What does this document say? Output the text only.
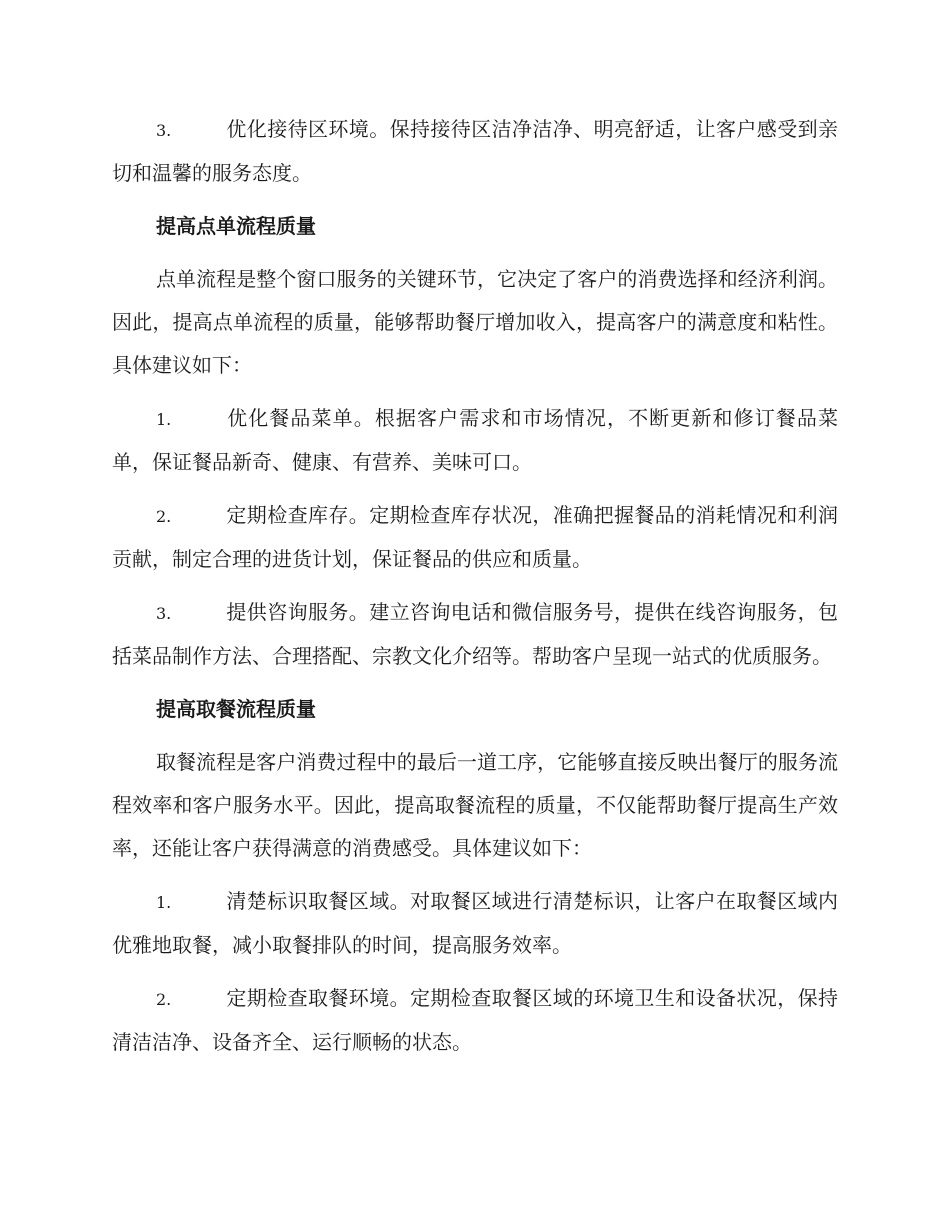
3.	优化接待区环境。保持接待区洁净洁净、明亮舒适，让客户感受到亲切和温馨的服务态度。

提高点单流程质量

点单流程是整个窗口服务的关键环节，它决定了客户的消费选择和经济利润。因此，提高点单流程的质量，能够帮助餐厅增加收入，提高客户的满意度和粘性。具体建议如下：

1.	优化餐品菜单。根据客户需求和市场情况，不断更新和修订餐品菜单，保证餐品新奇、健康、有营养、美味可口。

2.	定期检查库存。定期检查库存状况，准确把握餐品的消耗情况和利润贡献，制定合理的进货计划，保证餐品的供应和质量。

3.	提供咨询服务。建立咨询电话和微信服务号，提供在线咨询服务，包括菜品制作方法、合理搭配、宗教文化介绍等。帮助客户呈现一站式的优质服务。

提高取餐流程质量

取餐流程是客户消费过程中的最后一道工序，它能够直接反映出餐厅的服务流程效率和客户服务水平。因此，提高取餐流程的质量，不仅能帮助餐厅提高生产效率，还能让客户获得满意的消费感受。具体建议如下：

1.	清楚标识取餐区域。对取餐区域进行清楚标识，让客户在取餐区域内优雅地取餐，减小取餐排队的时间，提高服务效率。

2.	定期检查取餐环境。定期检查取餐区域的环境卫生和设备状况，保持清洁洁净、设备齐全、运行顺畅的状态。
